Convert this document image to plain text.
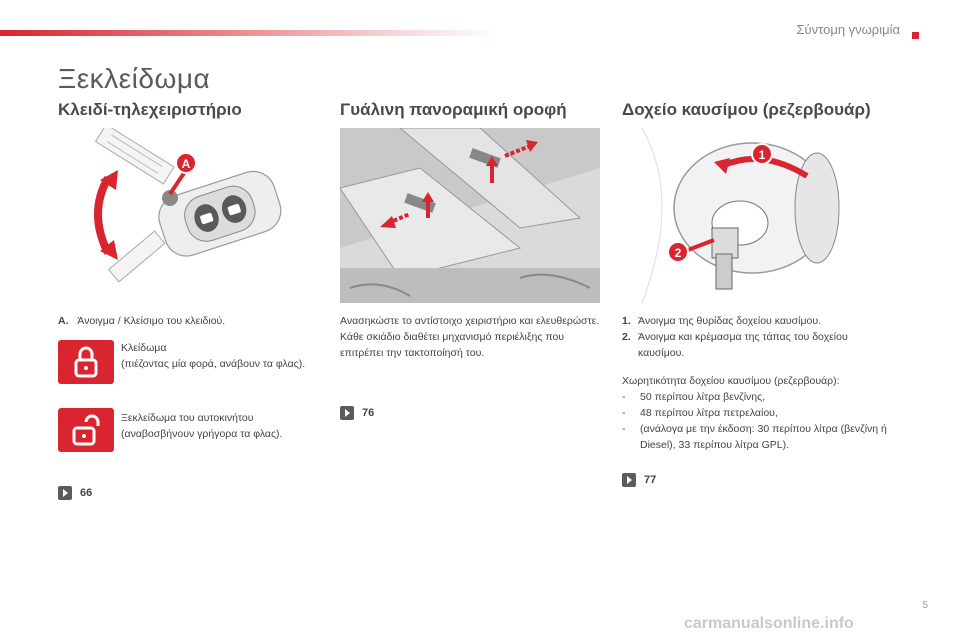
Σύντομη γνωριμία
Ξεκλείδωμα
Κλειδί-τηλεχειριστήριο
A
A. Άνοιγμα / Κλείσιμο του κλειδιού.
Κλείδωμα
(πιέζοντας μία φορά, ανάβουν τα φλας).
Ξεκλείδωμα του αυτοκινήτου
(αναβοσβήνουν γρήγορα τα φλας).
66
Γυάλινη πανοραμική οροφή
Ανασηκώστε το αντίστοιχο χειριστήριο και ελευθερώστε.
Κάθε σκιάδιο διαθέτει μηχανισμό περιέλιξης που επιτρέπει την τακτοποίησή του.
76
Δοχείο καυσίμου (ρεζερβουάρ)
1
2
1. Άνοιγμα της θυρίδας δοχείου καυσίμου.
2. Άνοιγμα και κρέμασμα της τάπας του δοχείου καυσίμου.
Χωρητικότητα δοχείου καυσίμου (ρεζερβουάρ):
-	50 περίπου λίτρα βενζίνης,
-	48 περίπου λίτρα πετρελαίου,
-	(ανάλογα με την έκδοση: 30 περίπου λίτρα (βενζίνη ή Diesel), 33 περίπου λίτρα GPL).
77
5
carmanualsonline.info
